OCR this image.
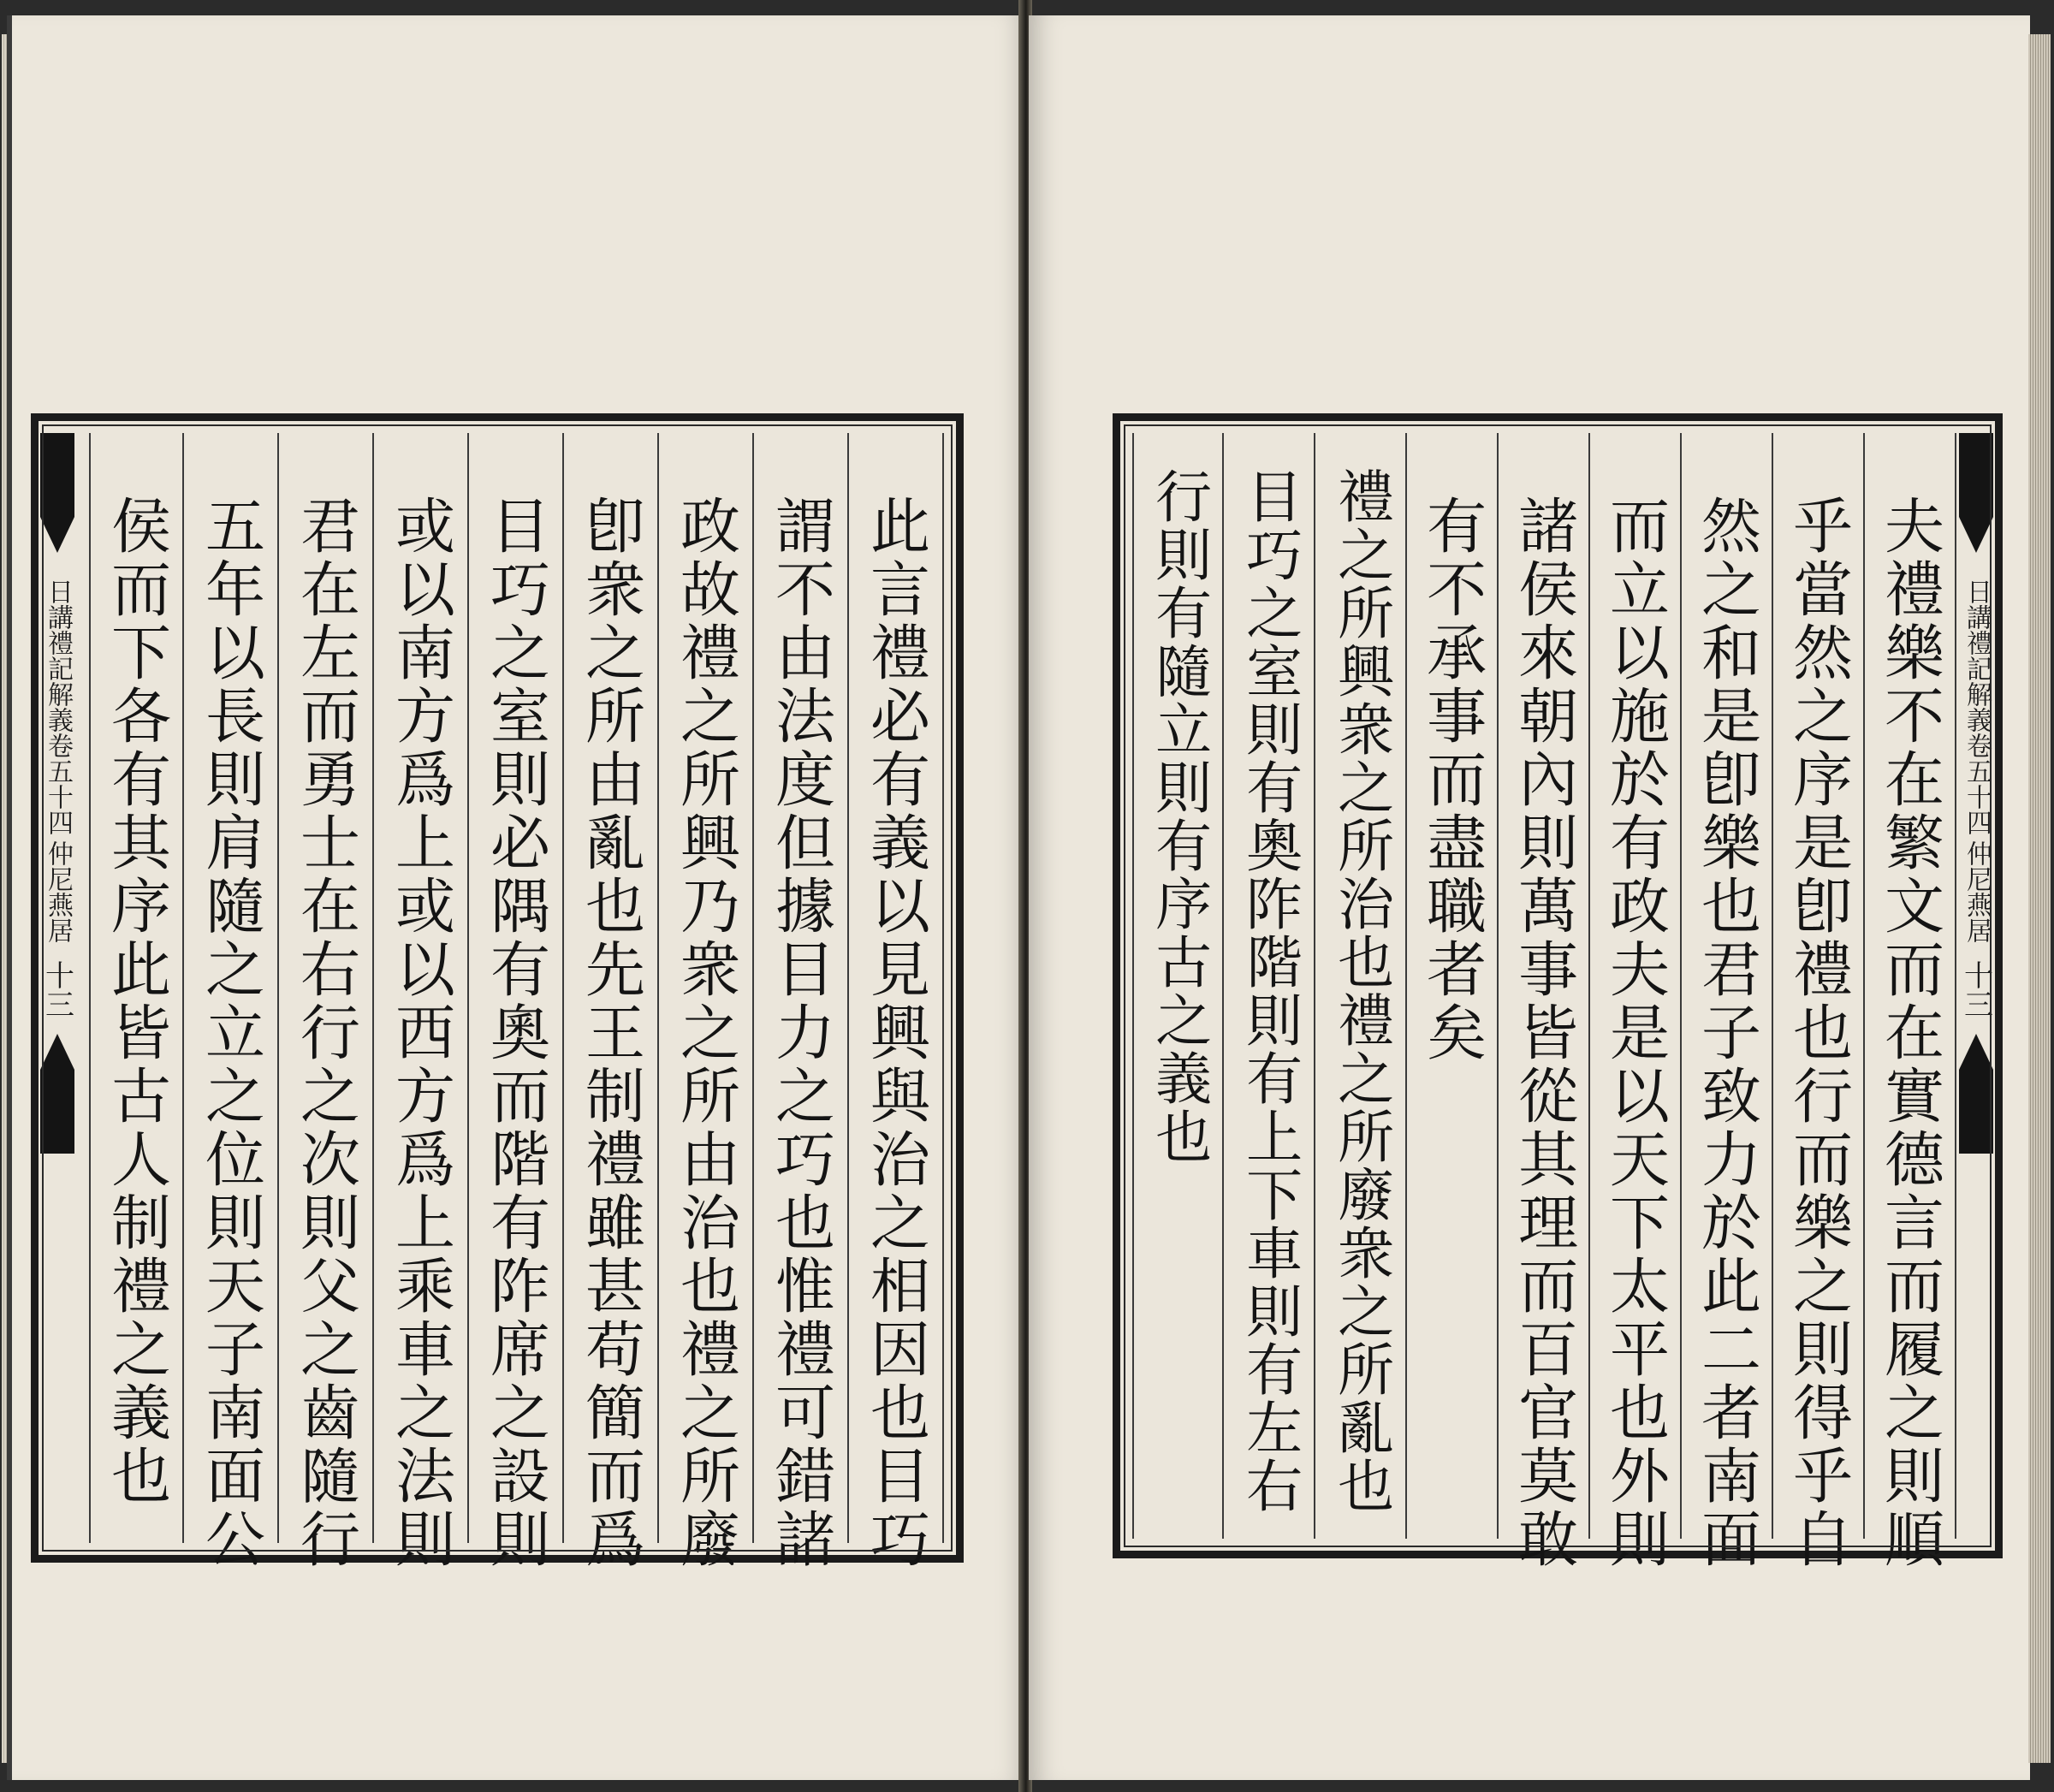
日講禮記解義卷五十四
仲尼燕居
十三	此言禮必有義以見興與治之相因也目巧
謂不由法度但據目力之巧也惟禮可錯諸
政故禮之所興乃衆之所由治也禮之所廢
卽衆之所由亂也先王制禮雖甚苟簡而爲
目巧之室則必隅有奧而階有阼席之設則
或以南方爲上或以西方爲上乘車之法則
君在左而勇士在右行之次則父之齒隨行
五年以長則肩隨之立之位則天子南面公
侯而下各有其序此皆古人制禮之義也	夫禮樂不在繁文而在實德言而履之則順
乎當然之序是卽禮也行而樂之則得乎自
然之和是卽樂也君子致力於此二者南面
而立以施於有政夫是以天下太平也外則
諸侯來朝內則萬事皆從其理而百官莫敢
有不承事而盡職者矣
禮之所興衆之所治也禮之所廢衆之所亂也
目巧之室則有奧阼階則有上下車則有左右
行則有隨立則有序古之義也	日講禮記解義卷五十四
仲尼燕居
十三
